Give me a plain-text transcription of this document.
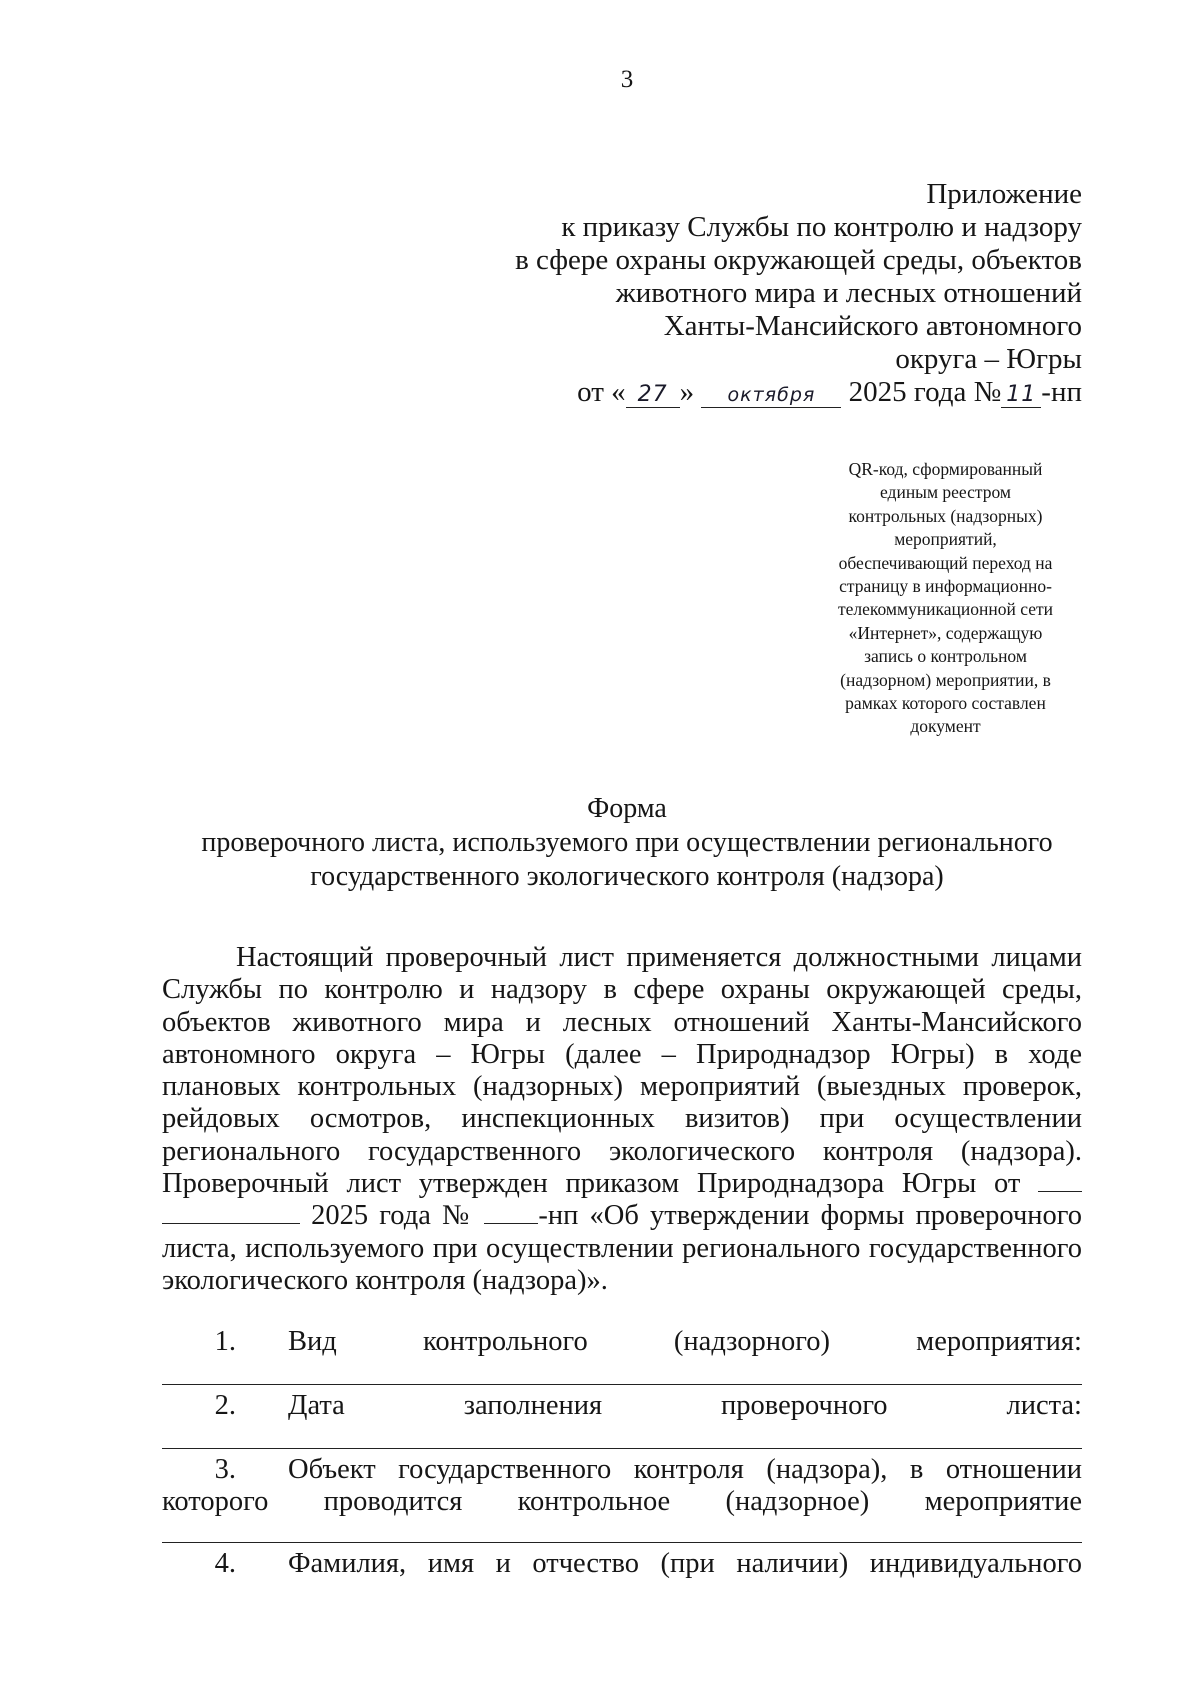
3
Приложение
к приказу Службы по контролю и надзору
в сфере охраны окружающей среды, объектов
животного мира и лесных отношений
Ханты-Мансийского автономного
округа – Югры
от « 27 » октября 2025 года № 11 -нп
QR-код, сформированный
единым реестром
контрольных (надзорных)
мероприятий,
обеспечивающий переход на
страницу в информационно-
телекоммуникационной сети
«Интернет», содержащую
запись о контрольном
(надзорном) мероприятии, в
рамках которого составлен
документ
Форма
проверочного листа, используемого при осуществлении регионального
государственного экологического контроля (надзора)
Настоящий проверочный лист применяется должностными лицами Службы по контролю и надзору в сфере охраны окружающей среды, объектов животного мира и лесных отношений Ханты-Мансийского автономного округа – Югры (далее – Природнадзор Югры) в ходе плановых контрольных (надзорных) мероприятий (выездных проверок, рейдовых осмотров, инспекционных визитов) при осуществлении регионального государственного экологического контроля (надзора). Проверочный лист утвержден приказом Природнадзора Югры от   2025 года № -нп «Об утверждении формы проверочного листа, используемого при осуществлении регионального государственного экологического контроля (надзора)».
1.	Вид	контрольного	(надзорного)	мероприятия:
2.	Дата	заполнения	проверочного	листа:
3.	Объект государственного контроля (надзора), в отношении
которого проводится контрольное (надзорное) мероприятие
4.	Фамилия, имя и отчество (при наличии) индивидуального
